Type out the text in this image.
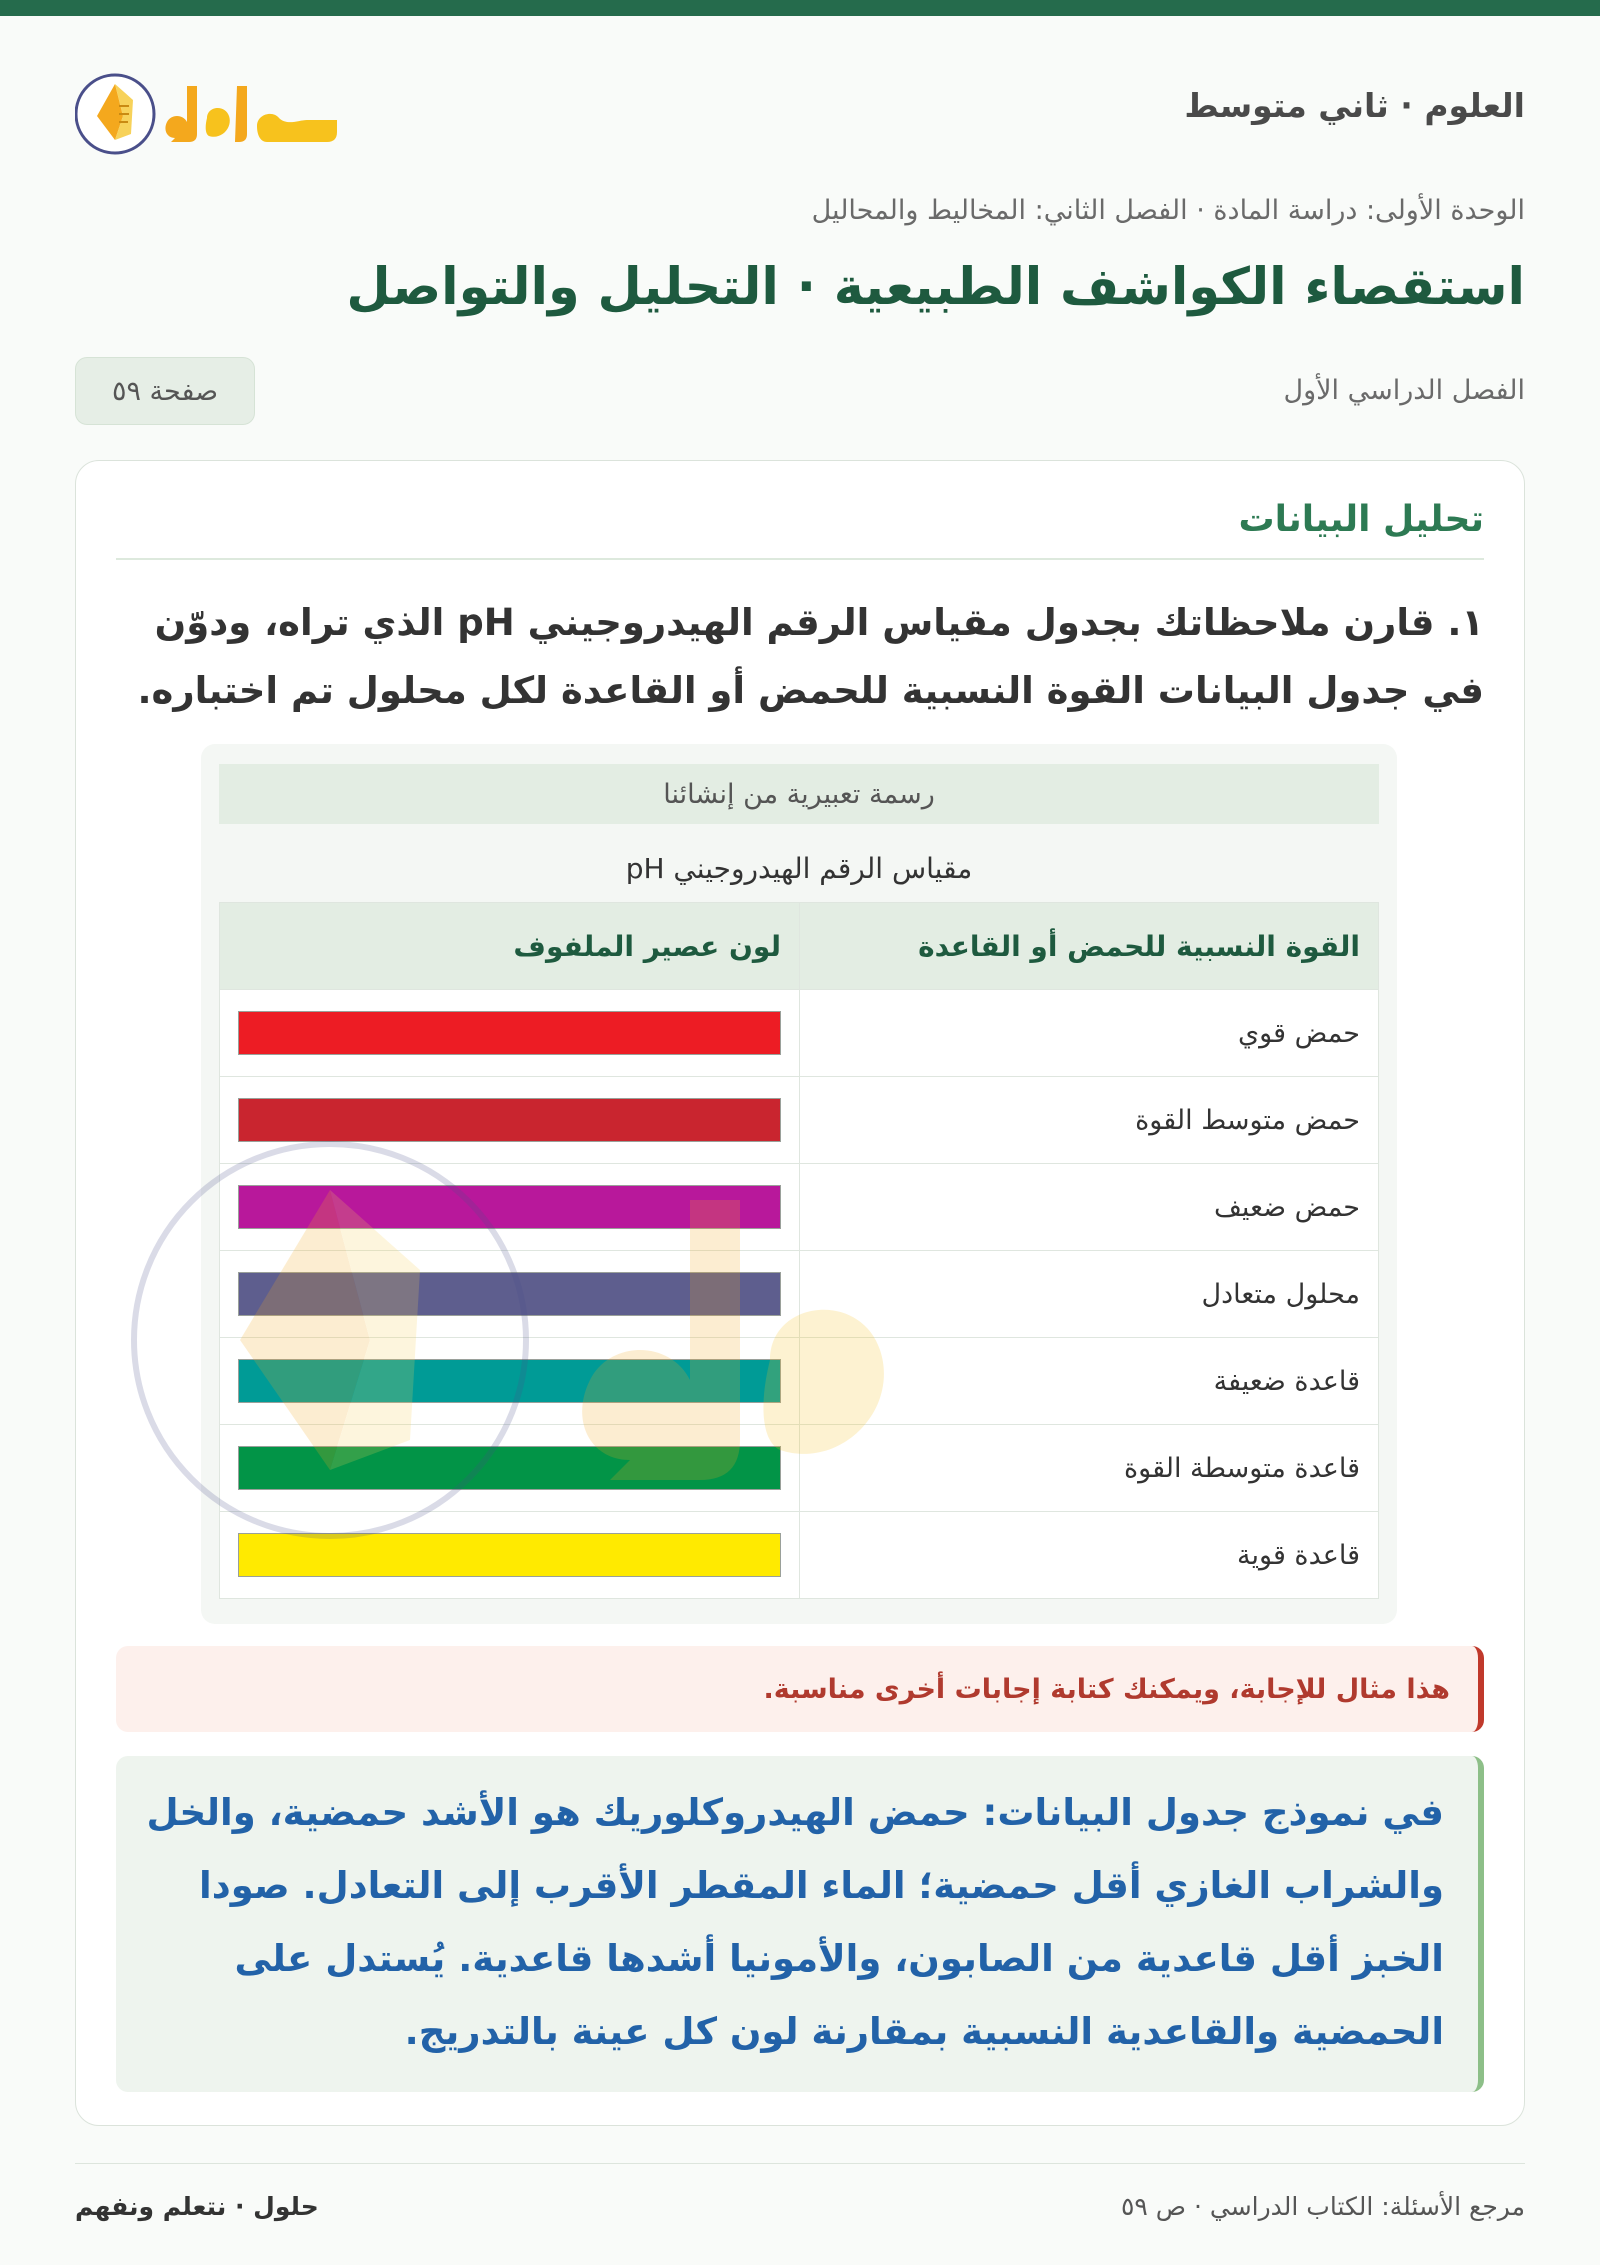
العلوم · ثاني متوسط
الوحدة الأولى: دراسة المادة · الفصل الثاني: المخاليط والمحاليل
استقصاء الكواشف الطبيعية · التحليل والتواصل
الفصل الدراسي الأول
صفحة ٥٩
تحليل البيانات

١. قارن ملاحظاتك بجدول مقياس الرقم الهيدروجيني pH الذي تراه، ودوّن في جدول البيانات القوة النسبية للحمض أو القاعدة لكل محلول تم اختباره.

رسمة تعبيرية من إنشائنا
مقياس الرقم الهيدروجيني pH
القوة النسبية للحمض أو القاعدة	لون عصير الملفوف
حمض قوي	

حمض متوسط القوة	

حمض ضعيف	

محلول متعادل	

قاعدة ضعيفة	

قاعدة متوسطة القوة	

قاعدة قوية	
هذا مثال للإجابة، ويمكنك كتابة إجابات أخرى مناسبة.
في نموذج جدول البيانات: حمض الهيدروكلوريك هو الأشد حمضية، والخل والشراب الغازي أقل حمضية؛ الماء المقطر الأقرب إلى التعادل. صودا الخبز أقل قاعدية من الصابون، والأمونيا أشدها قاعدية. يُستدل على الحمضية والقاعدية النسبية بمقارنة لون كل عينة بالتدريج.
مرجع الأسئلة: الكتاب الدراسي · ص ٥٩
حلول · نتعلم ونفهم
